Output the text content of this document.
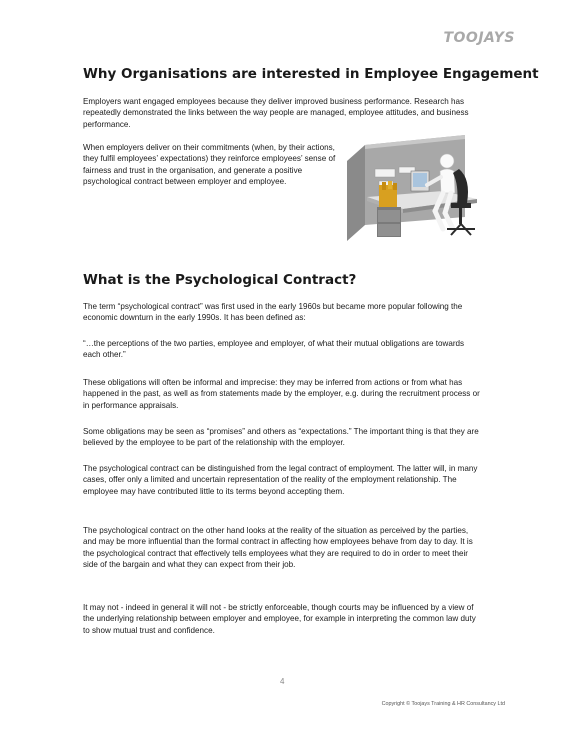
TOOJAYS
Why Organisations are interested in Employee Engagement

Employers want engaged employees because they deliver improved business performance. Research has repeatedly demonstrated the links between the way people are managed, employee attitudes, and business performance.

When employers deliver on their commitments (when, by their actions, they fulfil employees’ expectations) they reinforce employees’ sense of fairness and trust in the organisation, and generate a positive psychological contract between employer and employee.

What is the Psychological Contract?

The term “psychological contract” was first used in the early 1960s but became more popular following the economic downturn in the early 1990s. It has been defined as:

“…the perceptions of the two parties, employee and employer, of what their mutual obligations are towards each other.”

These obligations will often be informal and imprecise: they may be inferred from actions or from what has happened in the past, as well as from statements made by the employer, e.g. during the recruitment process or in performance appraisals.

Some obligations may be seen as “promises” and others as “expectations.” The important thing is that they are believed by the employee to be part of the relationship with the employer.

The psychological contract can be distinguished from the legal contract of employment. The latter will, in many cases, offer only a limited and uncertain representation of the reality of the employment relationship. The employee may have contributed little to its terms beyond accepting them.

The psychological contract on the other hand looks at the reality of the situation as perceived by the parties, and may be more influential than the formal contract in affecting how employees behave from day to day. It is the psychological contract that effectively tells employees what they are required to do in order to meet their side of the bargain and what they can expect from their job.

It may not - indeed in general it will not - be strictly enforceable, though courts may be influenced by a view of the underlying relationship between employer and employee, for example in interpreting the common law duty to show mutual trust and confidence.

4
Copyright © Toojays Training & HR Consultancy Ltd
